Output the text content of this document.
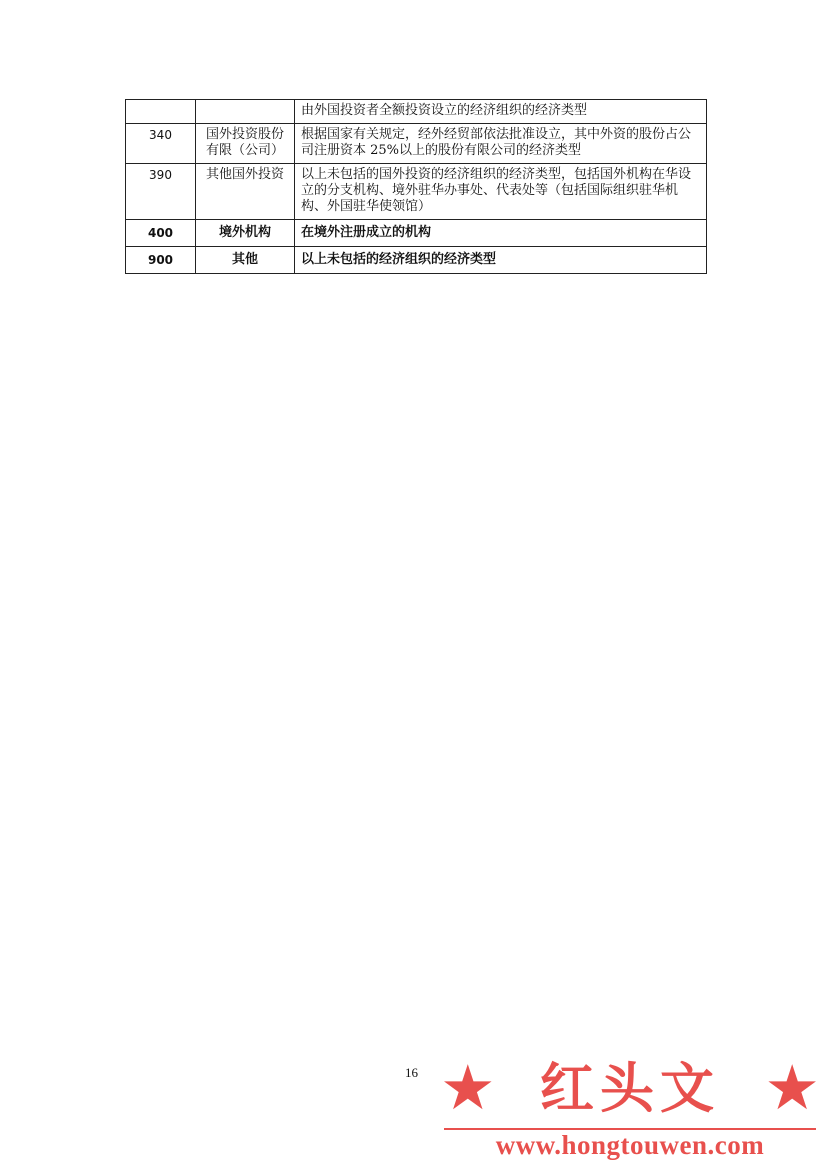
		由外国投资者全额投资设立的经济组织的经济类型
340	国外投资股份有限（公司）	根据国家有关规定，经外经贸部依法批准设立，其中外资的股份占公司注册资本 25%以上的股份有限公司的经济类型
390	其他国外投资	以上未包括的国外投资的经济组织的经济类型，包括国外机构在华设立的分支机构、境外驻华办事处、代表处等（包括国际组织驻华机构、外国驻华使领馆）
400	境外机构	在境外注册成立的机构
900	其他	以上未包括的经济组织的经济类型
16 ★ 红头文 ★
www.hongtouwen.com
